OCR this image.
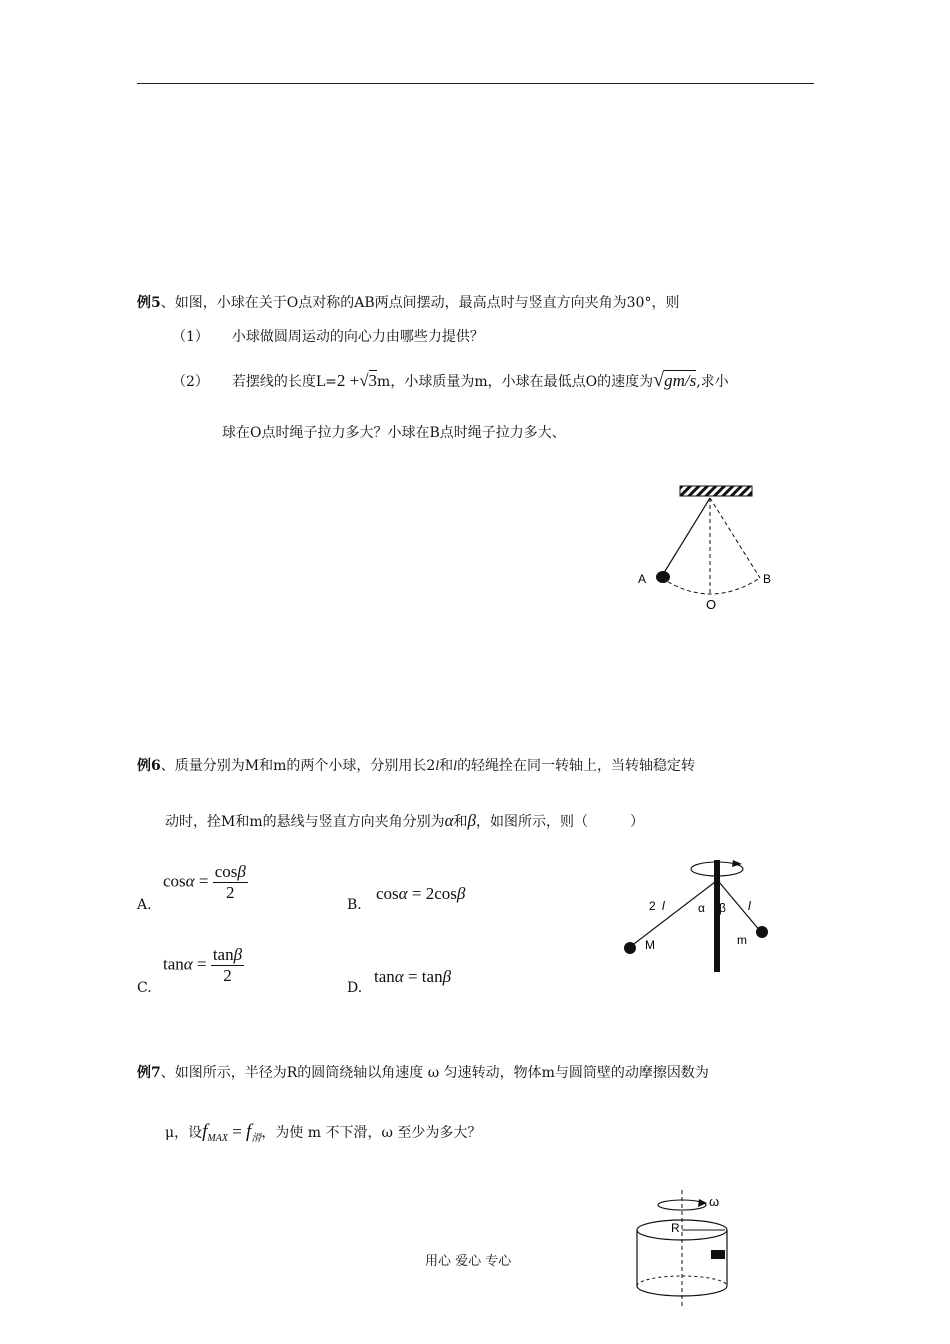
例5、如图，小球在关于O点对称的AB两点间摆动，最高点时与竖直方向夹角为30°，则
（1） 小球做圆周运动的向心力由哪些力提供？
（2） 若摆线的长度L=2 +√3m，小球质量为m，小球在最低点O的速度为√gm/s,求小
球在O点时绳子拉力多大？小球在B点时绳子拉力多大、
A	B
O
例6、质量分别为M和m的两个小球，分别用长2l和l的轻绳拴在同一转轴上，当转轴稳定转
动时，拴M和m的悬线与竖直方向夹角分别为α和β，如图所示，则（　　　）
A.
$\cos\alpha = \frac{\cos\beta}{2}$
B.
cosα = 2cosβ
C.
$\tan\alpha = \frac{\tan\beta}{2}$
D.
tanα = tanβ
2 l	α β l
M	m
例7、如图所示，半径为R的圆筒绕轴以角速度 ω 匀速转动，物体m与圆筒壁的动摩擦因数为
μ，设$f_{MAX} = f_滑$，为使 m 不下滑，ω 至少为多大？
ω
R
用心 爱心 专心
